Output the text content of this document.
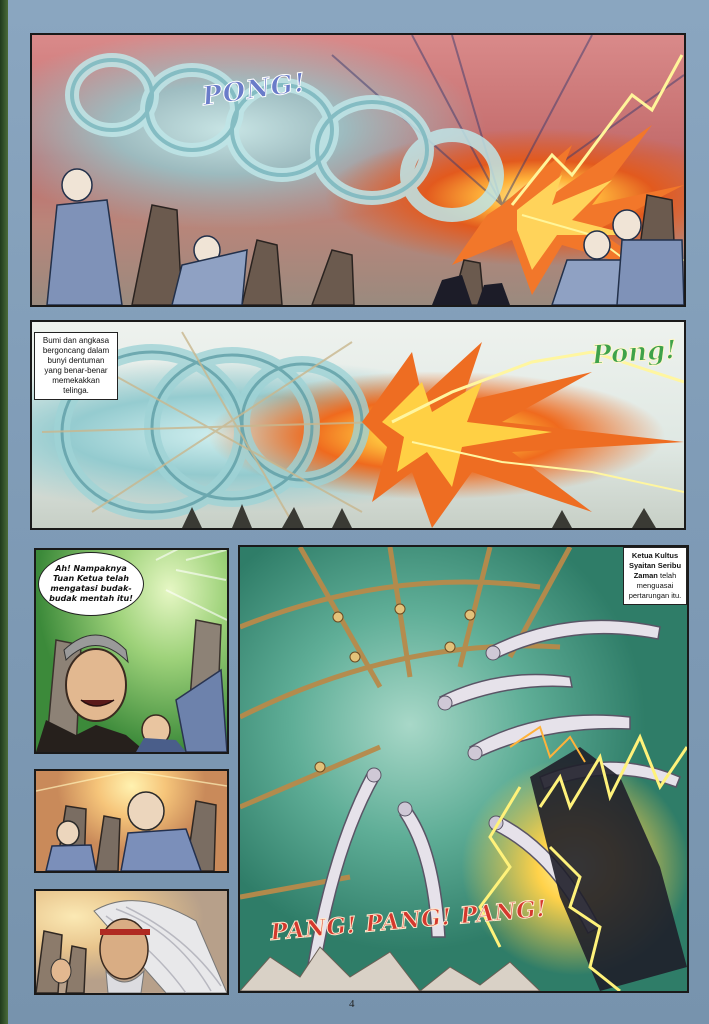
PONG!
Bumi dan angkasa bergoncang dalam bunyi dentuman yang benar-benar memekakkan telinga.
Pong!
Ah! Nampaknya Tuan Ketua telah mengatasi budak-budak mentah itu!
Ketua Kultus Syaitan Seribu Zaman telah menguasai pertarungan itu.
PANG! PANG! PANG!
4
